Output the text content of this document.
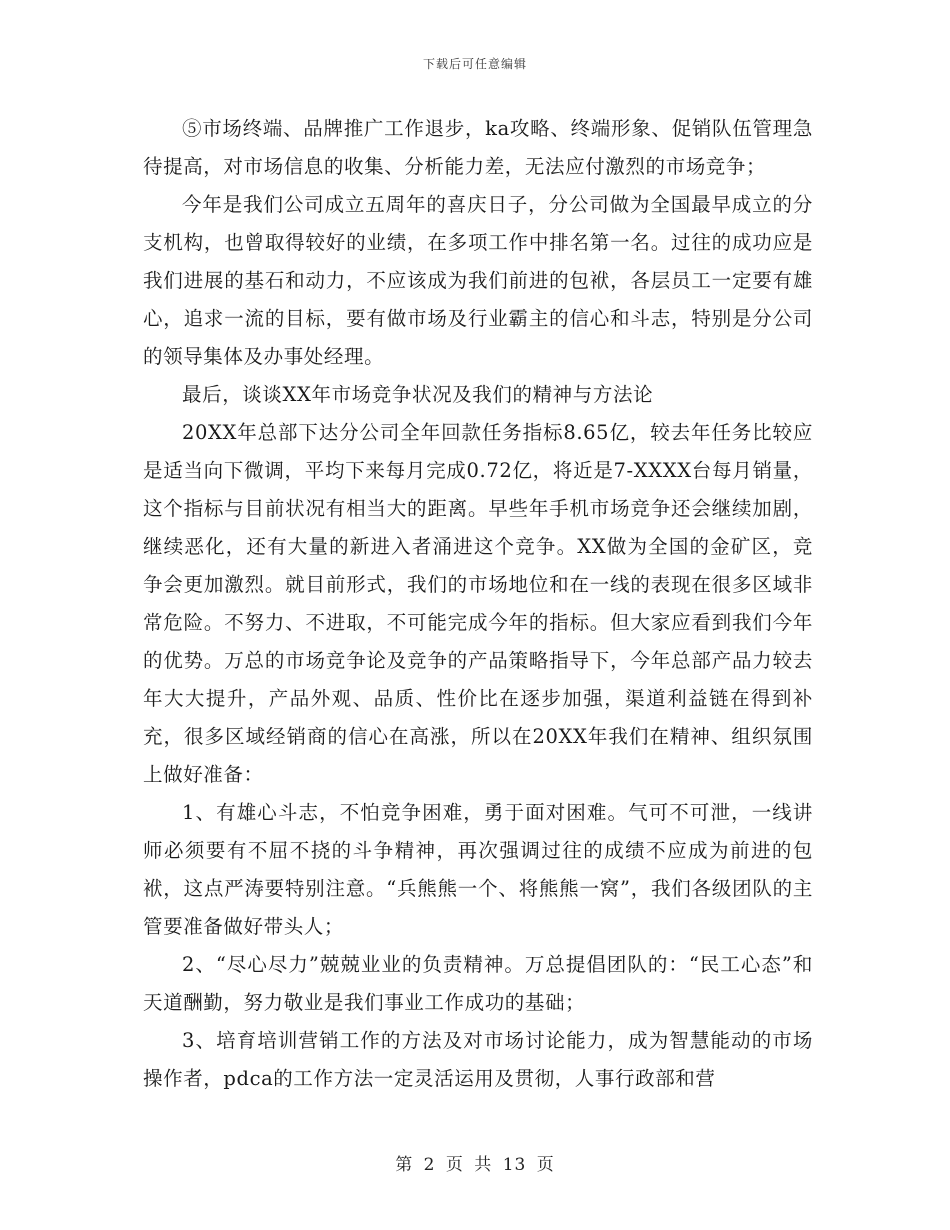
下载后可任意编辑

⑤市场终端、品牌推广工作退步，ka攻略、终端形象、促销队伍管理急待提高，对市场信息的收集、分析能力差，无法应付激烈的市场竞争；

今年是我们公司成立五周年的喜庆日子，分公司做为全国最早成立的分支机构，也曾取得较好的业绩，在多项工作中排名第一名。过往的成功应是我们进展的基石和动力，不应该成为我们前进的包袱，各层员工一定要有雄心，追求一流的目标，要有做市场及行业霸主的信心和斗志，特别是分公司的领导集体及办事处经理。

最后，谈谈XX年市场竞争状况及我们的精神与方法论

20XX年总部下达分公司全年回款任务指标8.65亿，较去年任务比较应是适当向下微调，平均下来每月完成0.72亿，将近是7-XXXX台每月销量，这个指标与目前状况有相当大的距离。早些年手机市场竞争还会继续加剧，继续恶化，还有大量的新进入者涌进这个竞争。XX做为全国的金矿区，竞争会更加激烈。就目前形式，我们的市场地位和在一线的表现在很多区域非常危险。不努力、不进取，不可能完成今年的指标。但大家应看到我们今年的优势。万总的市场竞争论及竞争的产品策略指导下，今年总部产品力较去年大大提升，产品外观、品质、性价比在逐步加强，渠道利益链在得到补充，很多区域经销商的信心在高涨，所以在20XX年我们在精神、组织氛围上做好准备：

1、有雄心斗志，不怕竞争困难，勇于面对困难。气可不可泄，一线讲师必须要有不屈不挠的斗争精神，再次强调过往的成绩不应成为前进的包袱，这点严涛要特别注意。“兵熊熊一个、将熊熊一窝”，我们各级团队的主管要准备做好带头人；

2、“尽心尽力”兢兢业业的负责精神。万总提倡团队的：“民工心态”和天道酬勤，努力敬业是我们事业工作成功的基础；

3、培育培训营销工作的方法及对市场讨论能力，成为智慧能动的市场操作者，pdca的工作方法一定灵活运用及贯彻，人事行政部和营

第 2 页 共 13 页
